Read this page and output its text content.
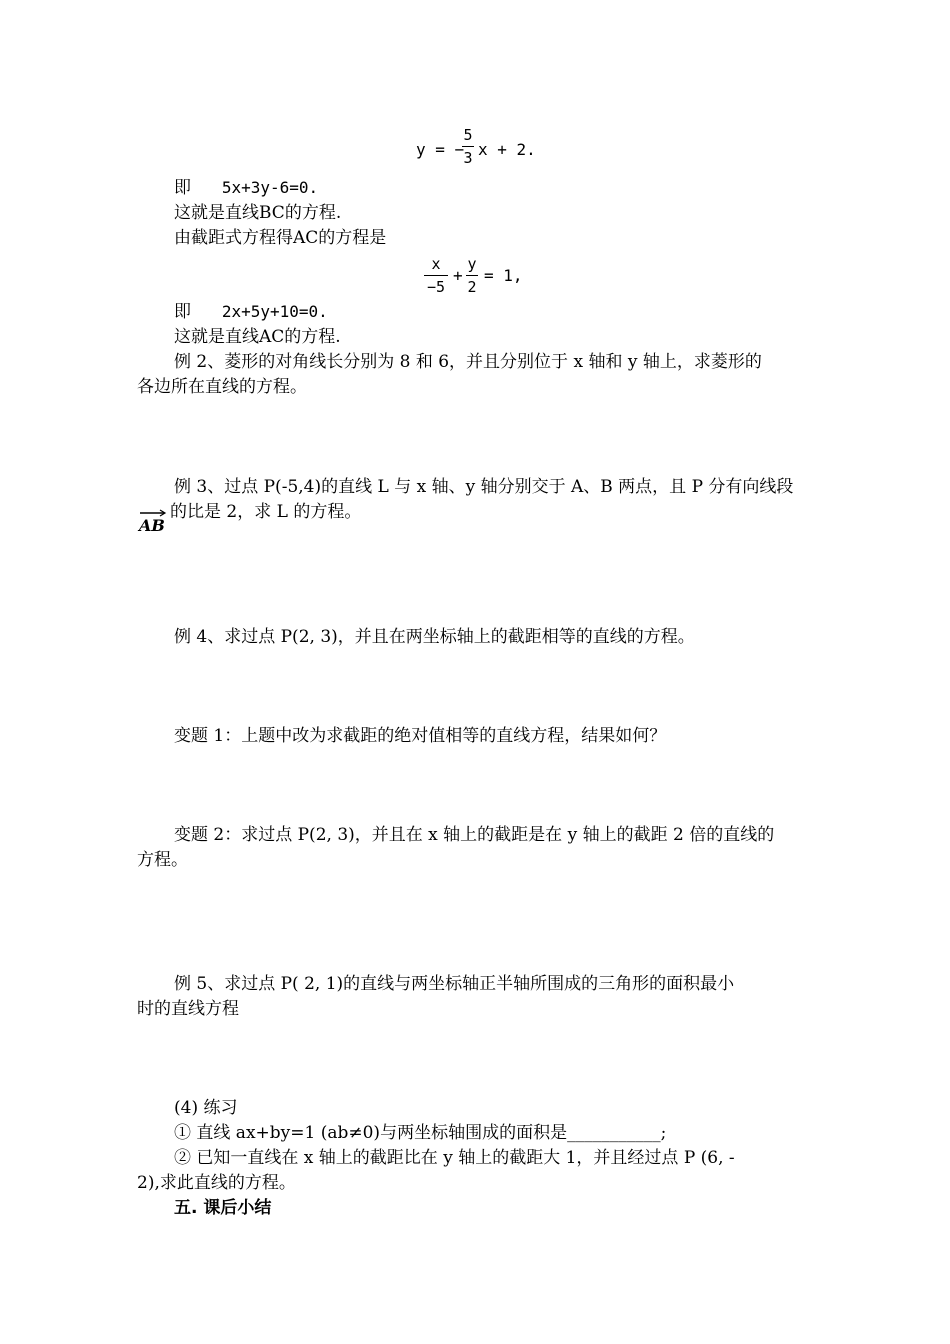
y = −
5
3 x + 2.
即 5x+3y-6=0.
这就是直线BC的方程.
由截距式方程得AC的方程是
x
−5
+
y
2
= 1,
即 2x+5y+10=0.
这就是直线AC的方程.
例 2、菱形的对角线长分别为 8 和 6，并且分别位于 x 轴和 y 轴上，求菱形的
各边所在直线的方程。
例 3、过点 P(-5,4)的直线 L 与 x 轴、y 轴分别交于 A、B 两点，且 P 分有向线段
AB
的比是 2，求 L 的方程。
例 4、求过点 P(2, 3)，并且在两坐标轴上的截距相等的直线的方程。
变题 1：上题中改为求截距的绝对值相等的直线方程，结果如何？
变题 2：求过点 P(2, 3)，并且在 x 轴上的截距是在 y 轴上的截距 2 倍的直线的
方程。
例 5、求过点 P( 2, 1)的直线与两坐标轴正半轴所围成的三角形的面积最小
时的直线方程
(4) 练习
① 直线 ax+by=1 (ab≠0)与两坐标轴围成的面积是___________;
② 已知一直线在 x 轴上的截距比在 y 轴上的截距大 1，并且经过点 P (6, -
2),求此直线的方程。
五. 课后小结
